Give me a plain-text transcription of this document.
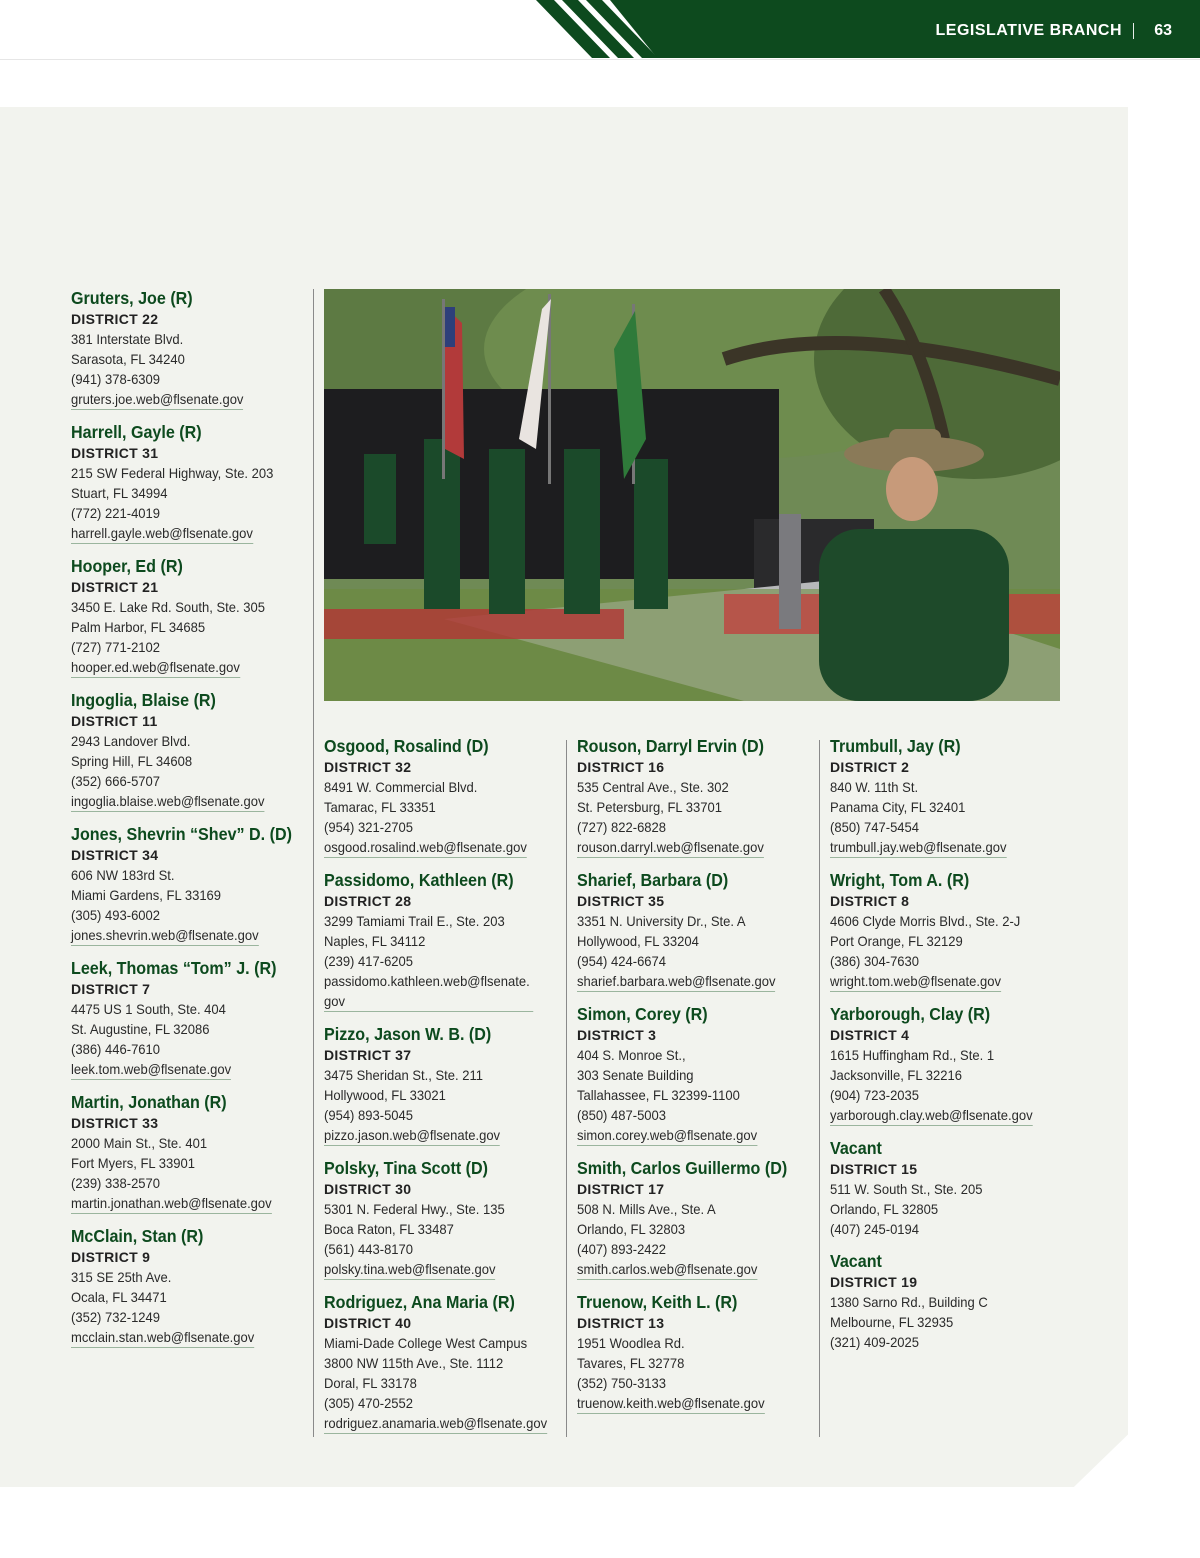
LEGISLATIVE BRANCH 63
Gruters, Joe (R)
DISTRICT 22
381 Interstate Blvd.
Sarasota, FL 34240
(941) 378-6309
gruters.joe.web@flsenate.gov
Harrell, Gayle (R)
DISTRICT 31
215 SW Federal Highway, Ste. 203
Stuart, FL 34994
(772) 221-4019
harrell.gayle.web@flsenate.gov
Hooper, Ed (R)
DISTRICT 21
3450 E. Lake Rd. South, Ste. 305
Palm Harbor, FL 34685
(727) 771-2102
hooper.ed.web@flsenate.gov
Ingoglia, Blaise (R)
DISTRICT 11
2943 Landover Blvd.
Spring Hill, FL 34608
(352) 666-5707
ingoglia.blaise.web@flsenate.gov
Jones, Shevrin “Shev” D. (D)
DISTRICT 34
606 NW 183rd St.
Miami Gardens, FL 33169
(305) 493-6002
jones.shevrin.web@flsenate.gov
Leek, Thomas “Tom” J. (R)
DISTRICT 7
4475 US 1 South, Ste. 404
St. Augustine, FL 32086
(386) 446-7610
leek.tom.web@flsenate.gov
Martin, Jonathan (R)
DISTRICT 33
2000 Main St., Ste. 401
Fort Myers, FL 33901
(239) 338-2570
martin.jonathan.web@flsenate.gov
McClain, Stan (R)
DISTRICT 9
315 SE 25th Ave.
Ocala, FL 34471
(352) 732-1249
mcclain.stan.web@flsenate.gov
Osgood, Rosalind (D)
DISTRICT 32
8491 W. Commercial Blvd.
Tamarac, FL 33351
(954) 321-2705
osgood.rosalind.web@flsenate.gov
Passidomo, Kathleen (R)
DISTRICT 28
3299 Tamiami Trail E., Ste. 203
Naples, FL 34112
(239) 417-6205
passidomo.kathleen.web@flsenate.gov
Pizzo, Jason W. B. (D)
DISTRICT 37
3475 Sheridan St., Ste. 211
Hollywood, FL 33021
(954) 893-5045
pizzo.jason.web@flsenate.gov
Polsky, Tina Scott (D)
DISTRICT 30
5301 N. Federal Hwy., Ste. 135
Boca Raton, FL 33487
(561) 443-8170
polsky.tina.web@flsenate.gov
Rodriguez, Ana Maria (R)
DISTRICT 40
Miami-Dade College West Campus
3800 NW 115th Ave., Ste. 1112
Doral, FL 33178
(305) 470-2552
rodriguez.anamaria.web@flsenate.gov
Rouson, Darryl Ervin (D)
DISTRICT 16
535 Central Ave., Ste. 302
St. Petersburg, FL 33701
(727) 822-6828
rouson.darryl.web@flsenate.gov
Sharief, Barbara (D)
DISTRICT 35
3351 N. University Dr., Ste. A
Hollywood, FL 33204
(954) 424-6674
sharief.barbara.web@flsenate.gov
Simon, Corey (R)
DISTRICT 3
404 S. Monroe St.,
303 Senate Building
Tallahassee, FL 32399-1100
(850) 487-5003
simon.corey.web@flsenate.gov
Smith, Carlos Guillermo (D)
DISTRICT 17
508 N. Mills Ave., Ste. A
Orlando, FL 32803
(407) 893-2422
smith.carlos.web@flsenate.gov
Truenow, Keith L. (R)
DISTRICT 13
1951 Woodlea Rd.
Tavares, FL 32778
(352) 750-3133
truenow.keith.web@flsenate.gov
Trumbull, Jay (R)
DISTRICT 2
840 W. 11th St.
Panama City, FL 32401
(850) 747-5454
trumbull.jay.web@flsenate.gov
Wright, Tom A. (R)
DISTRICT 8
4606 Clyde Morris Blvd., Ste. 2-J
Port Orange, FL 32129
(386) 304-7630
wright.tom.web@flsenate.gov
Yarborough, Clay (R)
DISTRICT 4
1615 Huffingham Rd., Ste. 1
Jacksonville, FL 32216
(904) 723-2035
yarborough.clay.web@flsenate.gov
Vacant
DISTRICT 15
511 W. South St., Ste. 205
Orlando, FL 32805
(407) 245-0194
Vacant
DISTRICT 19
1380 Sarno Rd., Building C
Melbourne, FL 32935
(321) 409-2025
